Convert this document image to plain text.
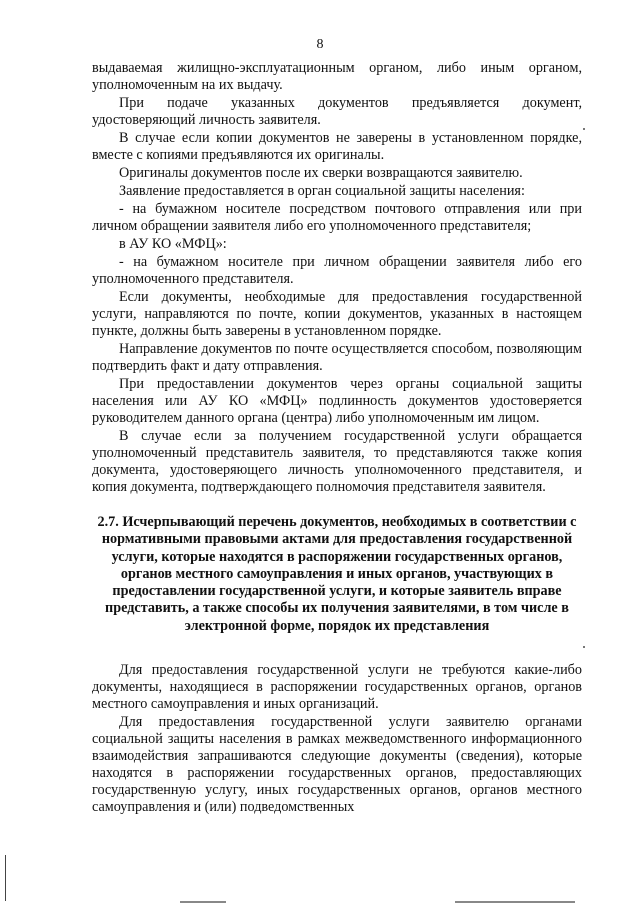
8

выдаваемая жилищно-эксплуатационным органом, либо иным органом, уполномоченным на их выдачу.

При подаче указанных документов предъявляется документ, удостоверяющий личность заявителя.

В случае если копии документов не заверены в установленном порядке, вместе с копиями предъявляются их оригиналы.

Оригиналы документов после их сверки возвращаются заявителю.

Заявление предоставляется в орган социальной защиты населения:

- на бумажном носителе посредством почтового отправления или при личном обращении заявителя либо его уполномоченного представителя;

в АУ КО «МФЦ»:

- на бумажном носителе при личном обращении заявителя либо его уполномоченного представителя.

Если документы, необходимые для предоставления государственной услуги, направляются по почте, копии документов, указанных в настоящем пункте, должны быть заверены в установленном порядке.

Направление документов по почте осуществляется способом, позволяющим подтвердить факт и дату отправления.

При предоставлении документов через органы социальной защиты населения или АУ КО «МФЦ» подлинность документов удостоверяется руководителем данного органа (центра) либо уполномоченным им лицом.

В случае если за получением государственной услуги обращается уполномоченный представитель заявителя, то представляются также копия документа, удостоверяющего личность уполномоченного представителя, и копия документа, подтверждающего полномочия представителя заявителя.

2.7. Исчерпывающий перечень документов, необходимых в соответствии с нормативными правовыми актами для предоставления государственной услуги, которые находятся в распоряжении государственных органов, органов местного самоуправления и иных органов, участвующих в предоставлении государственной услуги, и которые заявитель вправе представить, а также способы их получения заявителями, в том числе в электронной форме, порядок их представления

Для предоставления государственной услуги не требуются какие-либо документы, находящиеся в распоряжении государственных органов, органов местного самоуправления и иных организаций.

Для предоставления государственной услуги заявителю органами социальной защиты населения в рамках межведомственного информационного взаимодействия запрашиваются следующие документы (сведения), которые находятся в распоряжении государственных органов, предоставляющих государственную услугу, иных государственных органов, органов местного самоуправления и (или) подведомственных
